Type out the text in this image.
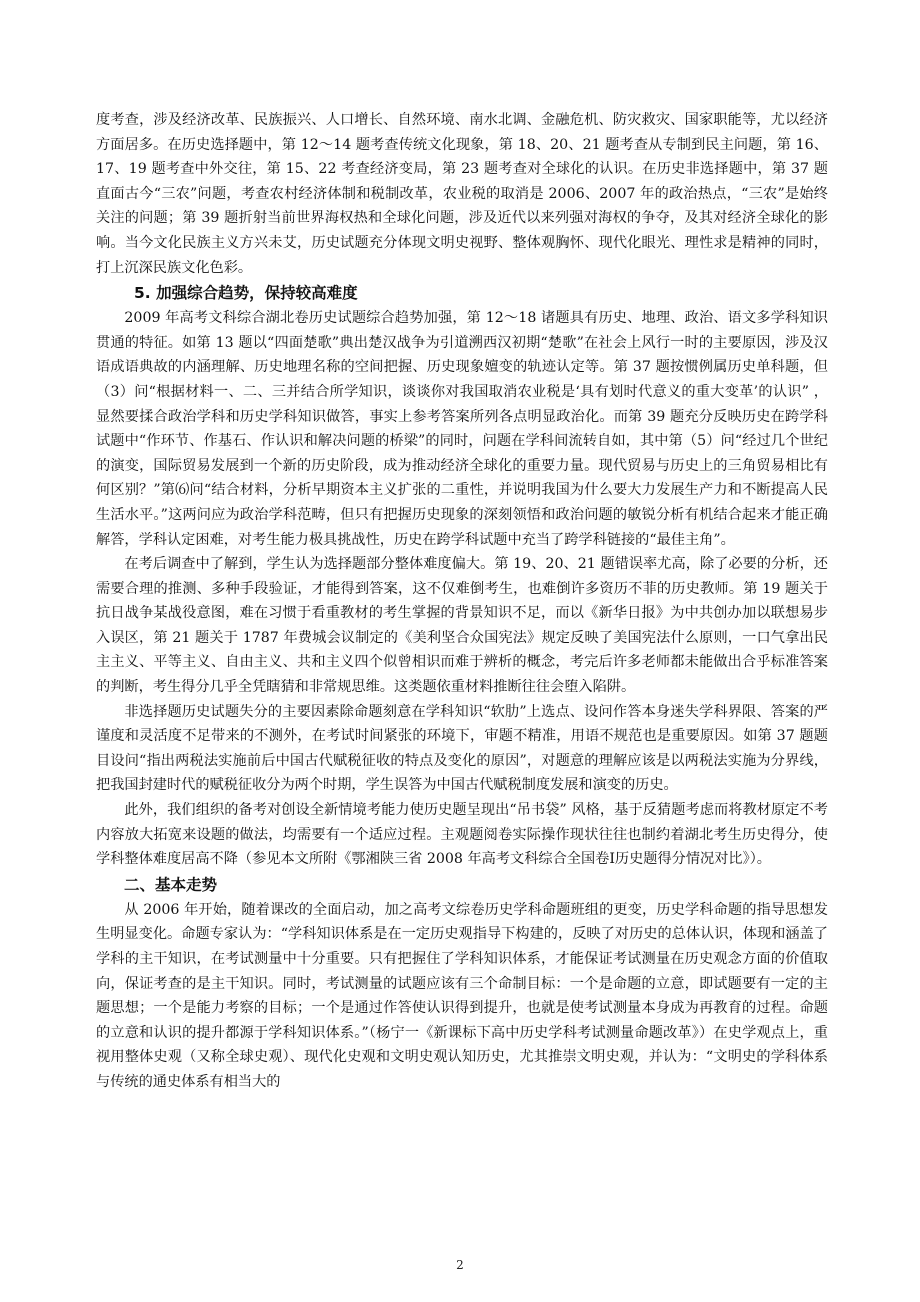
度考查，涉及经济改革、民族振兴、人口增长、自然环境、南水北调、金融危机、防灾救灾、国家职能等，尤以经济方面居多。在历史选择题中，第 12～14 题考查传统文化现象，第 18、20、21 题考查从专制到民主问题，第 16、17、19 题考查中外交往，第 15、22 考查经济变局，第 23 题考查对全球化的认识。在历史非选择题中，第 37 题直面古今“三农”问题，考查农村经济体制和税制改革，农业税的取消是 2006、2007 年的政治热点，“三农”是始终关注的问题；第 39 题折射当前世界海权热和全球化问题，涉及近代以来列强对海权的争夺，及其对经济全球化的影响。当今文化民族主义方兴未艾，历史试题充分体现文明史视野、整体观胸怀、现代化眼光、理性求是精神的同时，打上沉深民族文化色彩。

5. 加强综合趋势，保持较高难度

2009 年高考文科综合湖北卷历史试题综合趋势加强，第 12～18 诸题具有历史、地理、政治、语文多学科知识贯通的特征。如第 13 题以“四面楚歌”典出楚汉战争为引道溯西汉初期“楚歌”在社会上风行一时的主要原因，涉及汉语成语典故的内涵理解、历史地理名称的空间把握、历史现象嬗变的轨迹认定等。第 37 题按惯例属历史单科题，但（3）问“根据材料一、二、三并结合所学知识，谈谈你对我国取消农业税是‘具有划时代意义的重大变革’的认识” ，显然要揉合政治学科和历史学科知识做答，事实上参考答案所列各点明显政治化。而第 39 题充分反映历史在跨学科试题中“作环节、作基石、作认识和解决问题的桥梁”的同时，问题在学科间流转自如，其中第（5）问“经过几个世纪的演变，国际贸易发展到一个新的历史阶段，成为推动经济全球化的重要力量。现代贸易与历史上的三角贸易相比有何区别？”第⑹问“结合材料，分析早期资本主义扩张的二重性，并说明我国为什么要大力发展生产力和不断提高人民生活水平。”这两问应为政治学科范畴，但只有把握历史现象的深刻领悟和政治问题的敏锐分析有机结合起来才能正确解答，学科认定困难，对考生能力极具挑战性，历史在跨学科试题中充当了跨学科链接的“最佳主角”。

在考后调查中了解到，学生认为选择题部分整体难度偏大。第 19、20、21 题错误率尤高，除了必要的分析，还需要合理的推测、多种手段验证，才能得到答案，这不仅难倒考生，也难倒许多资历不菲的历史教师。第 19 题关于抗日战争某战役意图，难在习惯于看重教材的考生掌握的背景知识不足，而以《新华日报》为中共创办加以联想易步入误区，第 21 题关于 1787 年费城会议制定的《美利坚合众国宪法》规定反映了美国宪法什么原则，一口气拿出民主主义、平等主义、自由主义、共和主义四个似曾相识而难于辨析的概念，考完后许多老师都未能做出合乎标准答案的判断，考生得分几乎全凭瞎猜和非常规思维。这类题依重材料推断往往会堕入陷阱。

非选择题历史试题失分的主要因素除命题刻意在学科知识“软肋”上选点、设问作答本身迷失学科界限、答案的严谨度和灵活度不足带来的不测外，在考试时间紧张的环境下，审题不精准，用语不规范也是重要原因。如第 37 题题目设问“指出两税法实施前后中国古代赋税征收的特点及变化的原因”，对题意的理解应该是以两税法实施为分界线，把我国封建时代的赋税征收分为两个时期，学生误答为中国古代赋税制度发展和演变的历史。

此外，我们组织的备考对创设全新情境考能力使历史题呈现出“吊书袋” 风格，基于反猜题考虑而将教材原定不考内容放大拓宽来设题的做法，均需要有一个适应过程。主观题阅卷实际操作现状往往也制约着湖北考生历史得分，使学科整体难度居高不降（参见本文所附《鄂湘陕三省 2008 年高考文科综合全国卷Ⅰ历史题得分情况对比》）。

二、基本走势

从 2006 年开始，随着课改的全面启动，加之高考文综卷历史学科命题班组的更变，历史学科命题的指导思想发生明显变化。命题专家认为：“学科知识体系是在一定历史观指导下构建的，反映了对历史的总体认识，体现和涵盖了学科的主干知识，在考试测量中十分重要。只有把握住了学科知识体系，才能保证考试测量在历史观念方面的价值取向，保证考查的是主干知识。同时，考试测量的试题应该有三个命制目标：一个是命题的立意，即试题要有一定的主题思想；一个是能力考察的目标；一个是通过作答使认识得到提升，也就是使考试测量本身成为再教育的过程。命题的立意和认识的提升都源于学科知识体系。”（杨宁一《新课标下高中历史学科考试测量命题改革》）在史学观点上，重视用整体史观（又称全球史观）、现代化史观和文明史观认知历史，尤其推崇文明史观，并认为：“文明史的学科体系与传统的通史体系有相当大的

2
